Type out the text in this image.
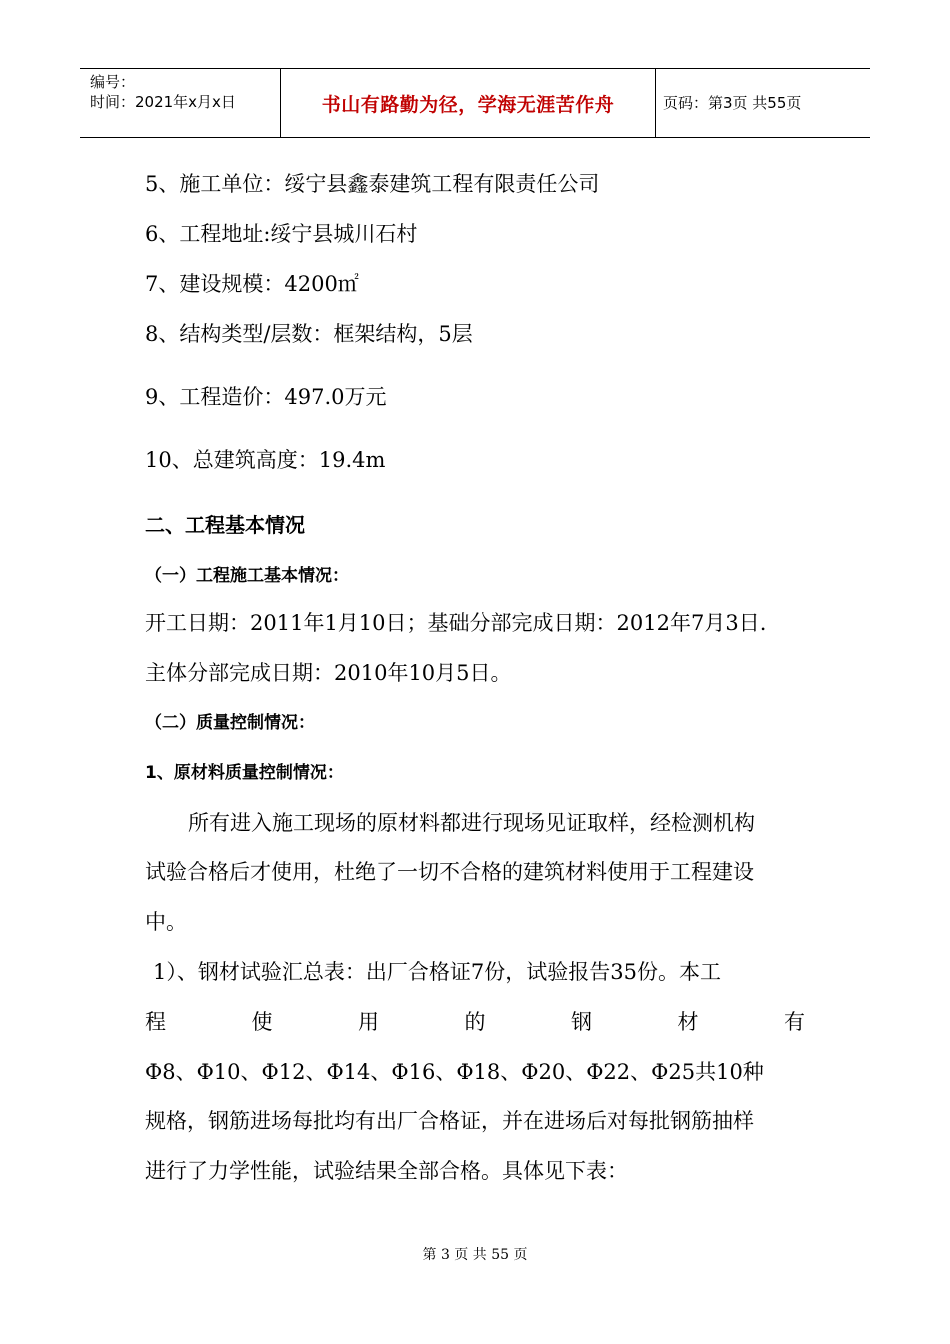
编号：
时间：2021年x月x日	书山有路勤为径，学海无涯苦作舟	页码：第3页 共55页
5、施工单位：绥宁县鑫泰建筑工程有限责任公司
6、工程地址:绥宁县城川石村
7、建设规模：4200㎡
8、结构类型/层数：框架结构，5层
9、工程造价：497.0万元
10、总建筑高度：19.4m
二、工程基本情况
（一）工程施工基本情况：
开工日期：2011年1月10日；基础分部完成日期：2012年7月3日.
主体分部完成日期：2010年10月5日。
（二）质量控制情况：
1、原材料质量控制情况：
所有进入施工现场的原材料都进行现场见证取样，经检测机构
试验合格后才使用，杜绝了一切不合格的建筑材料使用于工程建设
中。
1）、钢材试验汇总表：出厂合格证7份，试验报告35份。本工
程	使	用	的	钢	材	有
Φ8、Φ10、Φ12、Φ14、Φ16、Φ18、Φ20、Φ22、Φ25共10种
规格，钢筋进场每批均有出厂合格证，并在进场后对每批钢筋抽样
进行了力学性能，试验结果全部合格。具体见下表：
第 3 页 共 55 页
